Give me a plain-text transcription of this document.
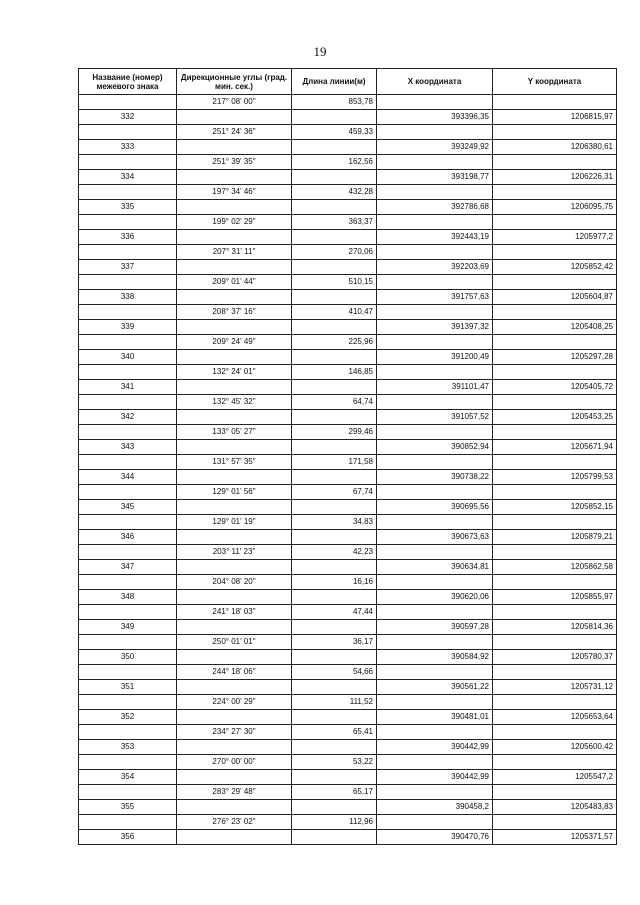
19
Название (номер) межевого знака	Дирекционные углы (град. мин. сек.)	Длина линии(м)	X координата	Y координата
	217° 08' 00"	853,78		
332			393396,35	1206815,97
	251° 24' 36"	459,33		
333			393249,92	1206380,61
	251° 39' 35"	162,56		
334			393198,77	1206226,31
	197° 34' 46"	432,28		
335			392786,68	1206095,75
	199° 02' 29"	363,37		
336			392443,19	1205977,2
	207° 31' 11"	270,06		
337			392203,69	1205852,42
	209° 01' 44"	510,15		
338			391757,63	1205604,87
	208° 37' 16"	410,47		
339			391397,32	1205408,25
	209° 24' 49"	225,96		
340			391200,49	1205297,28
	132° 24' 01"	146,85		
341			391101,47	1205405,72
	132° 45' 32"	64,74		
342			391057,52	1205453,25
	133° 05' 27"	299,46		
343			390852,94	1205671,94
	131° 57' 35"	171,58		
344			390738,22	1205799,53
	129° 01' 56"	67,74		
345			390695,56	1205852,15
	129° 01' 19"	34,83		
346			390673,63	1205879,21
	203° 11' 23"	42,23		
347			390634,81	1205862,58
	204° 08' 20"	16,16		
348			390620,06	1205855,97
	241° 18' 03"	47,44		
349			390597,28	1205814,36
	250° 01' 01"	36,17		
350			390584,92	1205780,37
	244° 18' 06"	54,66		
351			390561,22	1205731,12
	224° 00' 29"	111,52		
352			390481,01	1205653,64
	234° 27' 30"	65,41		
353			390442,99	1205600,42
	270° 00' 00"	53,22		
354			390442,99	1205547,2
	283° 29' 48"	65,17		
355			390458,2	1205483,83
	276° 23' 02"	112,96		
356			390470,76	1205371,57
